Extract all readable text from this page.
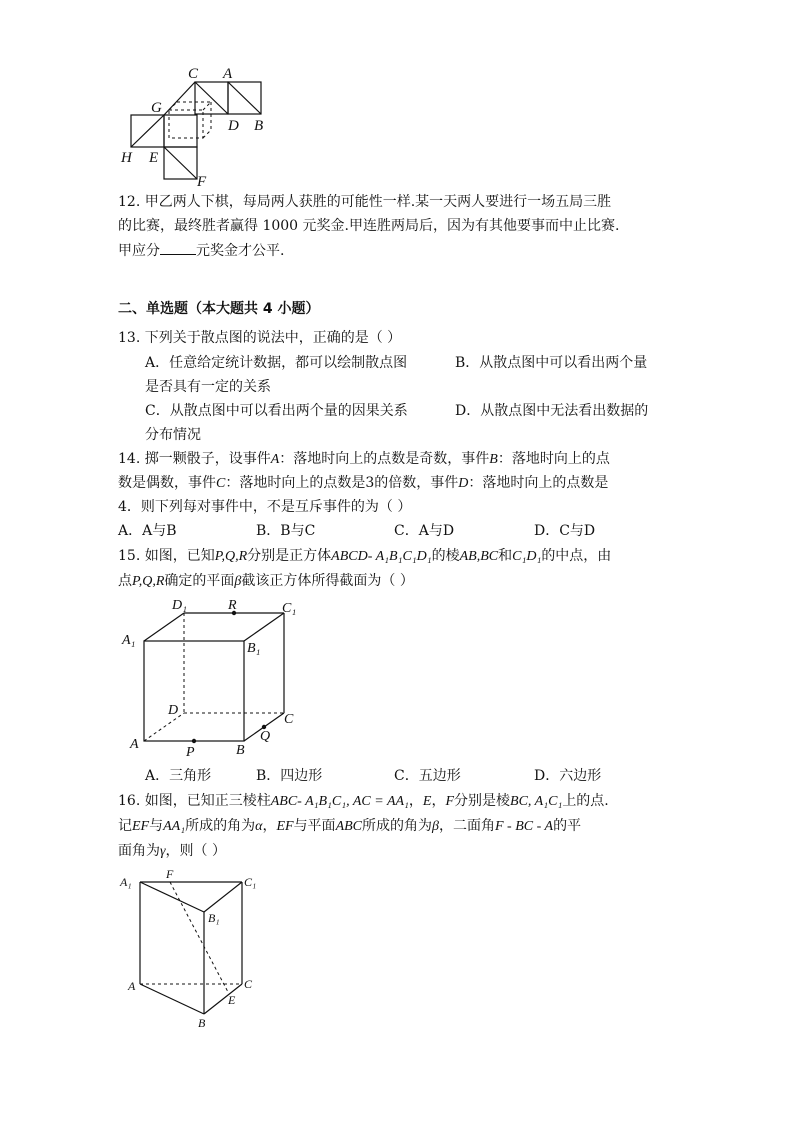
C A
G
D B
H E
F
12. 甲乙两人下棋，每局两人获胜的可能性一样.某一天两人要进行一场五局三胜
的比赛，最终胜者赢得 1000 元奖金.甲连胜两局后，因为有其他要事而中止比赛.
甲应分	元奖金才公平.
二、单选题（本大题共 4 小题）
13. 下列关于散点图的说法中，正确的是（ ）
A．任意给定统计数据，都可以绘制散点图	B．从散点图中可以看出两个量
是否具有一定的关系
C．从散点图中可以看出两个量的因果关系	D．从散点图中无法看出数据的
分布情况
14. 掷一颗骰子，设事件A：落地时向上的点数是奇数，事件B：落地时向上的点
数是偶数，事件C：落地时向上的点数是3的倍数，事件D：落地时向上的点数是
4．则下列每对事件中，不是互斥事件的为（ ）
A．A与B	B．B与C	C．A与D	D．C与D
15. 如图，已知P,Q,R分别是正方体ABCD- A₁B₁C₁D₁的棱AB,BC和C₁D₁的中点，由
点P,Q,R确定的平面β截该正方体所得截面为（ ）
D₁	R	C₁
A₁
B₁
D
C
A
P	B
Q
A．三角形	B．四边形	C．五边形	D．六边形
16. 如图，已知正三棱柱ABC- A₁B₁C₁, AC = AA₁，E，F分别是棱BC, A₁C₁上的点.
记EF与AA₁所成的角为α，EF与平面ABC所成的角为β，二面角F - BC - A的平
面角为γ，则（ ）
A₁
F
C₁
B₁
A	C
E
B
